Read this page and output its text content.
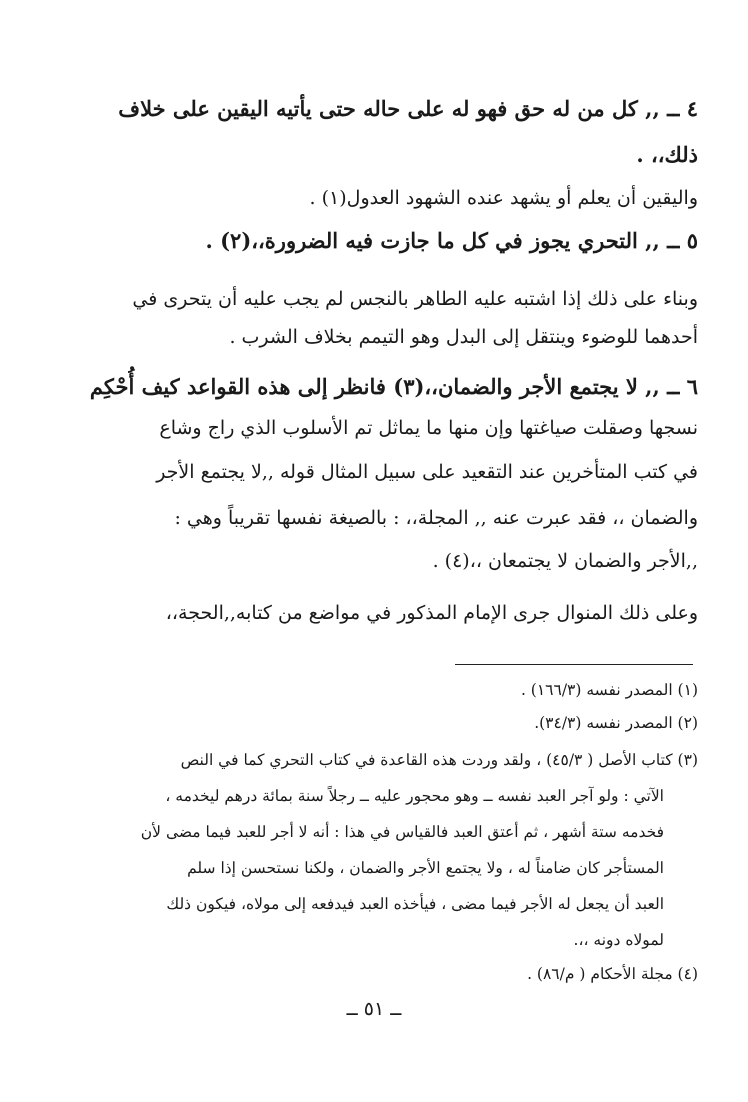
٤ ــ ,, كل من له حق فهو له على حاله حتى يأتيه اليقين على خلاف
ذلك،، .
واليقين أن يعلم أو يشهد عنده الشهود العدول(١) .
٥ ــ ,, التحري يجوز في كل ما جازت فيه الضرورة،،(٢) .
وبناء على ذلك إذا اشتبه عليه الطاهر بالنجس لم يجب عليه أن يتحرى في
أحدهما للوضوء وينتقل إلى البدل وهو التيمم بخلاف الشرب .
٦ ــ ,, لا يجتمع الأجر والضمان،،(٣) فانظر إلى هذه القواعد كيف أُحْكِم
نسجها وصقلت صياغتها وإن منها ما يماثل تم الأسلوب الذي راج وشاع
في كتب المتأخرين عند التقعيد على سبيل المثال قوله ,,لا يجتمع الأجر
والضمان ،، فقد عبرت عنه ,, المجلة،، : بالصيغة نفسها تقريباً وهي :
,,الأجر والضمان لا يجتمعان ،،(٤) .
وعلى ذلك المنوال جرى الإمام المذكور في مواضع من كتابه,,الحجة،،
(١) المصدر نفسه (١٦٦/٣) .
(٢) المصدر نفسه (٣٤/٣).
(٣) كتاب الأصل ( ٤٥/٣) ، ولقد وردت هذه القاعدة في كتاب التحري كما في النص
الآتي : ولو آجر العبد نفسه ــ وهو محجور عليه ــ رجلاً سنة بمائة درهم ليخدمه ،
فخدمه ستة أشهر ، ثم أعتق العبد فالقياس في هذا : أنه لا أجر للعبد فيما مضى لأن
المستأجر كان ضامناً له ، ولا يجتمع الأجر والضمان ، ولكنا نستحسن إذا سلم
العبد أن يجعل له الأجر فيما مضى ، فيأخذه العبد فيدفعه إلى مولاه، فيكون ذلك
لمولاه دونه ،،.
(٤) مجلة الأحكام ( م/٨٦) .
ــ ٥١ ــ
